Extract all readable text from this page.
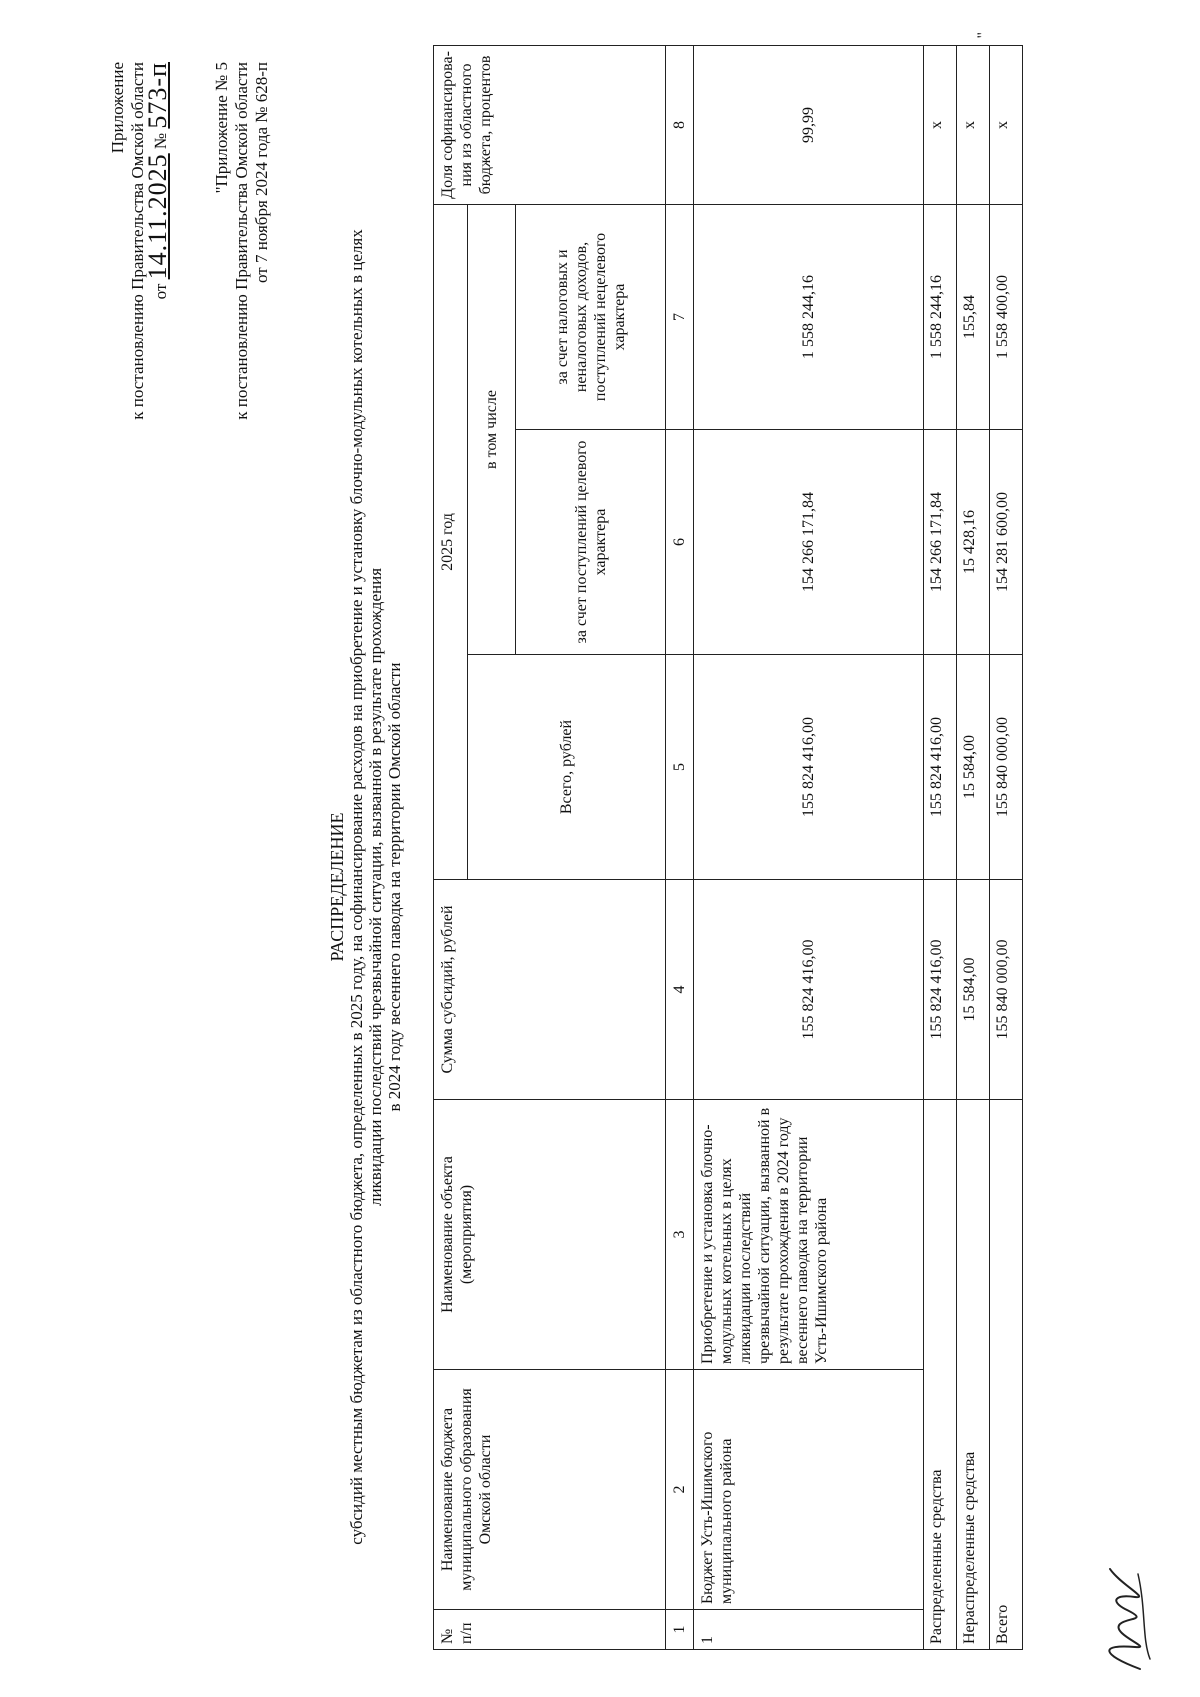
Приложение к постановлению Правительства Омской области от 14.11.2025 № 573-п "Приложение № 5 к постановлению Правительства Омской области от 7 ноября 2024 года № 628-п
РАСПРЕДЕЛЕНИЕ субсидий местным бюджетам из областного бюджета, определенных в 2025 году, на софинансирование расходов на приобретение и установку блочно-модульных котельных в целях ликвидации последствий чрезвычайной ситуации, вызванной в результате прохождения в 2024 году весеннего паводка на территории Омской области
№ п/п	Наименование бюджета муниципального образования Омской области	Наименование объекта (мероприятия)	Сумма субсидий, рублей	2025 год			Доля софинансирова-ния из областного бюджета, процентов
				Всего, рублей	в том числе		
					за счет поступлений целевого характера	за счет налоговых и неналоговых доходов, поступлений нецелевого характера	
1	2	3	4	5	6	7	8
1	Бюджет Усть-Ишимского муниципального района	Приобретение и установка блочно-модульных котельных в целях ликвидации последствий чрезвычайной ситуации, вызванной в результате прохождения в 2024 году весеннего паводка на территории Усть-Ишимского района	155 824 416,00	155 824 416,00	154 266 171,84	1 558 244,16	99,99
Распределенные средства			155 824 416,00	155 824 416,00	154 266 171,84	1 558 244,16	x
Нераспределенные средства			15 584,00	15 584,00	15 428,16	155,84	x
Всего			155 840 000,00	155 840 000,00	154 281 600,00	1 558 400,00	x
"
